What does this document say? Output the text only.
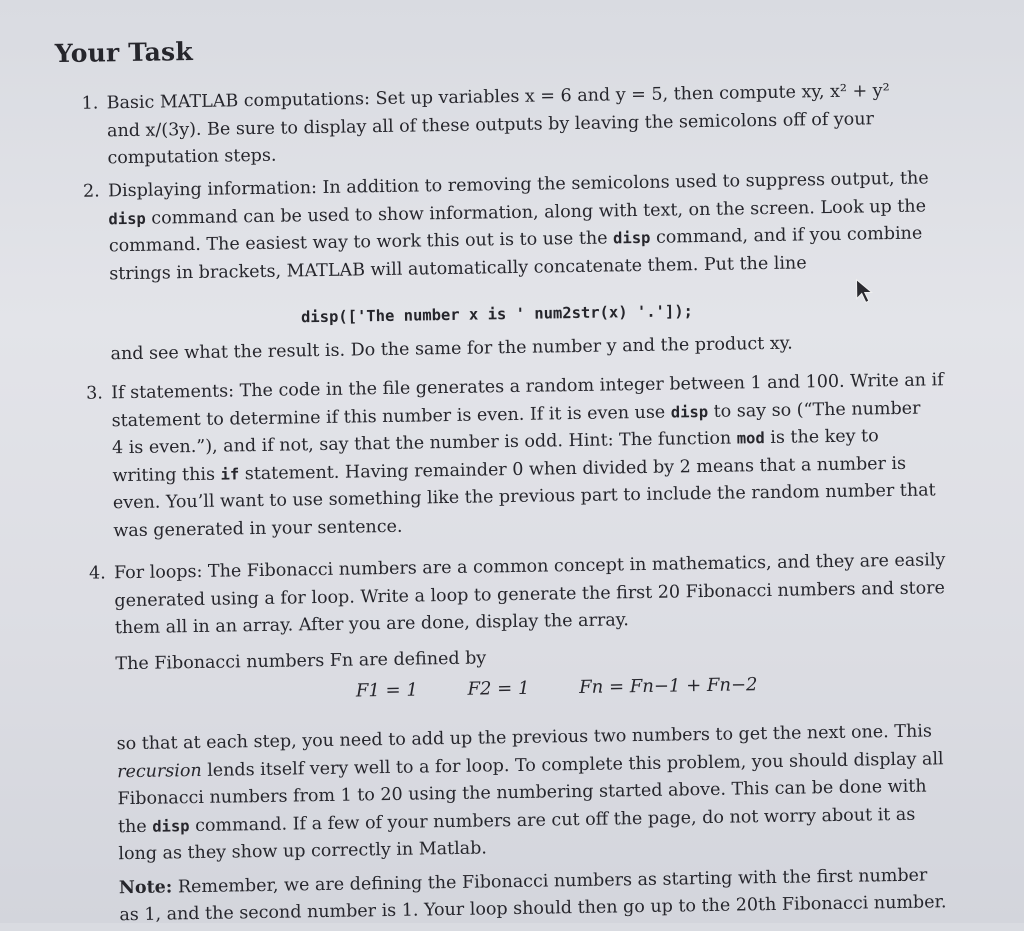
Your Task
1. Basic MATLAB computations: Set up variables x = 6 and y = 5, then compute xy, x² + y²
and x/(3y). Be sure to display all of these outputs by leaving the semicolons off of your
computation steps.
2. Displaying information: In addition to removing the semicolons used to suppress output, the
disp command can be used to show information, along with text, on the screen. Look up the
command. The easiest way to work this out is to use the disp command, and if you combine
strings in brackets, MATLAB will automatically concatenate them. Put the line
disp(['The number x is ' num2str(x) '.']);
and see what the result is. Do the same for the number y and the product xy.
3. If statements: The code in the file generates a random integer between 1 and 100. Write an if
statement to determine if this number is even. If it is even use disp to say so (“The number
4 is even.”), and if not, say that the number is odd. Hint: The function mod is the key to
writing this if statement. Having remainder 0 when divided by 2 means that a number is
even. You’ll want to use something like the previous part to include the random number that
was generated in your sentence.
4. For loops: The Fibonacci numbers are a common concept in mathematics, and they are easily
generated using a for loop. Write a loop to generate the first 20 Fibonacci numbers and store
them all in an array. After you are done, display the array.
The Fibonacci numbers Fn are defined by
F1 = 1	F2 = 1	Fn = Fn−1 + Fn−2
so that at each step, you need to add up the previous two numbers to get the next one. This
recursion lends itself very well to a for loop. To complete this problem, you should display all
Fibonacci numbers from 1 to 20 using the numbering started above. This can be done with
the disp command. If a few of your numbers are cut off the page, do not worry about it as
long as they show up correctly in Matlab.
Note: Remember, we are defining the Fibonacci numbers as starting with the first number
as 1, and the second number is 1. Your loop should then go up to the 20th Fibonacci number.
